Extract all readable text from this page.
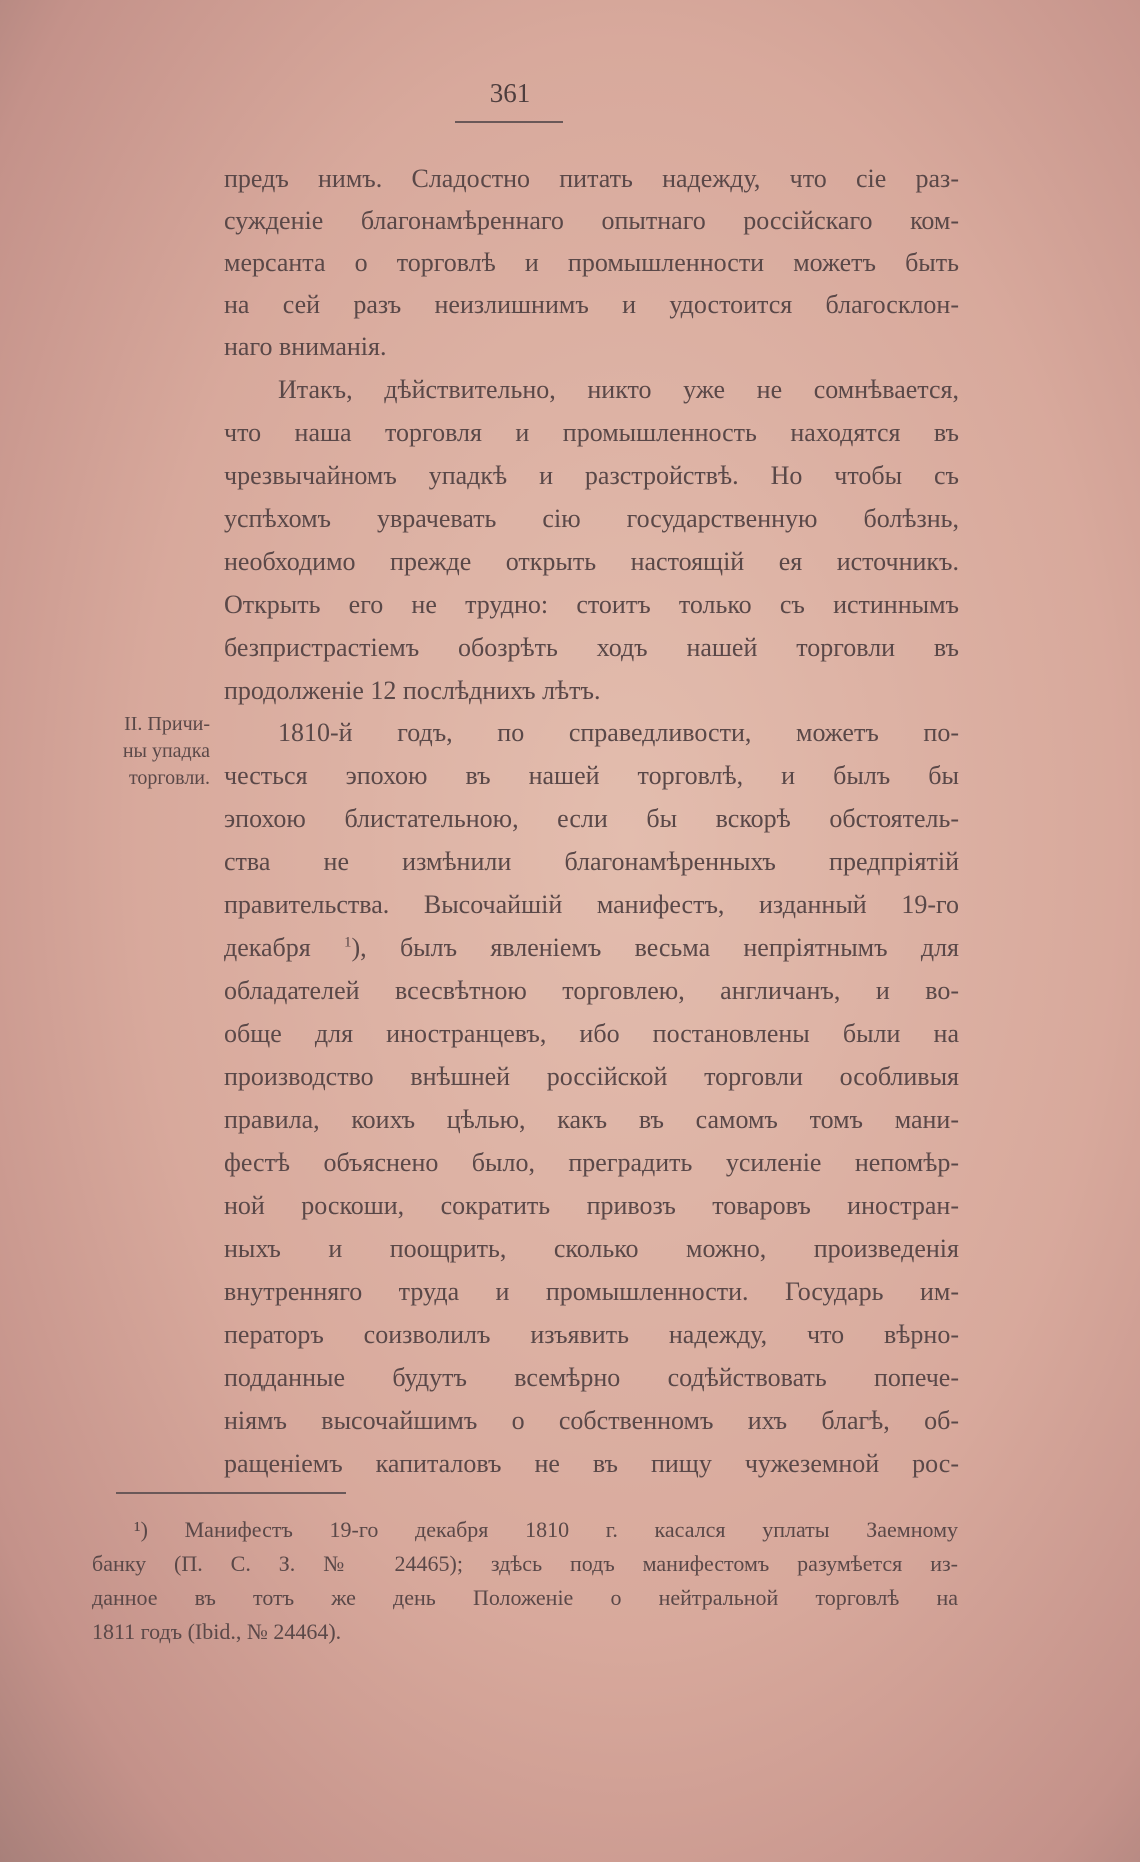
361
предъ нимъ. Сладостно питать надежду, что сіе раз-
сужденіе благонамѣреннаго опытнаго россійскаго ком-
мерсанта о торговлѣ и промышленности можетъ быть
на сей разъ неизлишнимъ и удостоится благосклон-
наго вниманія.
Итакъ, дѣйствительно, никто уже не сомнѣвается,
что наша торговля и промышленность находятся въ
чрезвычайномъ упадкѣ и разстройствѣ. Но чтобы съ
успѣхомъ уврачевать сію государственную болѣзнь,
необходимо прежде открыть настоящій ея источникъ.
Открыть его не трудно: стоитъ только съ истиннымъ
безпристрастіемъ обозрѣть ходъ нашей торговли въ
продолженіе 12 послѣднихъ лѣтъ.
II. Причи-
ны упадка
торговли.
1810-й годъ, по справедливости, можетъ по-
честься эпохою въ нашей торговлѣ, и былъ бы
эпохою блистательною, если бы вскорѣ обстоятель-
ства не измѣнили благонамѣренныхъ предпріятій
правительства. Высочайшій манифестъ, изданный 19-го
декабря $^1$), былъ явленіемъ весьма непріятнымъ для
обладателей всесвѣтною торговлею, англичанъ, и во-
обще для иностранцевъ, ибо постановлены были на
производство внѣшней россійской торговли особливыя
правила, коихъ цѣлью, какъ въ самомъ томъ мани-
фестѣ объяснено было, преградить усиленіе непомѣр-
ной роскоши, сократить привозъ товаровъ иностран-
ныхъ и поощрить, сколько можно, произведенія
внутренняго труда и промышленности. Государь им-
ператоръ соизволилъ изъявить надежду, что вѣрно-
подданные будутъ всемѣрно содѣйствовать попече-
ніямъ высочайшимъ о собственномъ ихъ благѣ, об-
ращеніемъ капиталовъ не въ пищу чужеземной рос-
¹) Манифестъ 19-го декабря 1810 г. касался уплаты Заемному
банку (П. С. З. № 24465); здѣсь подъ манифестомъ разумѣется из-
данное въ тотъ же день Положеніе о нейтральной торговлѣ на
1811 годъ (Ibid., № 24464).
